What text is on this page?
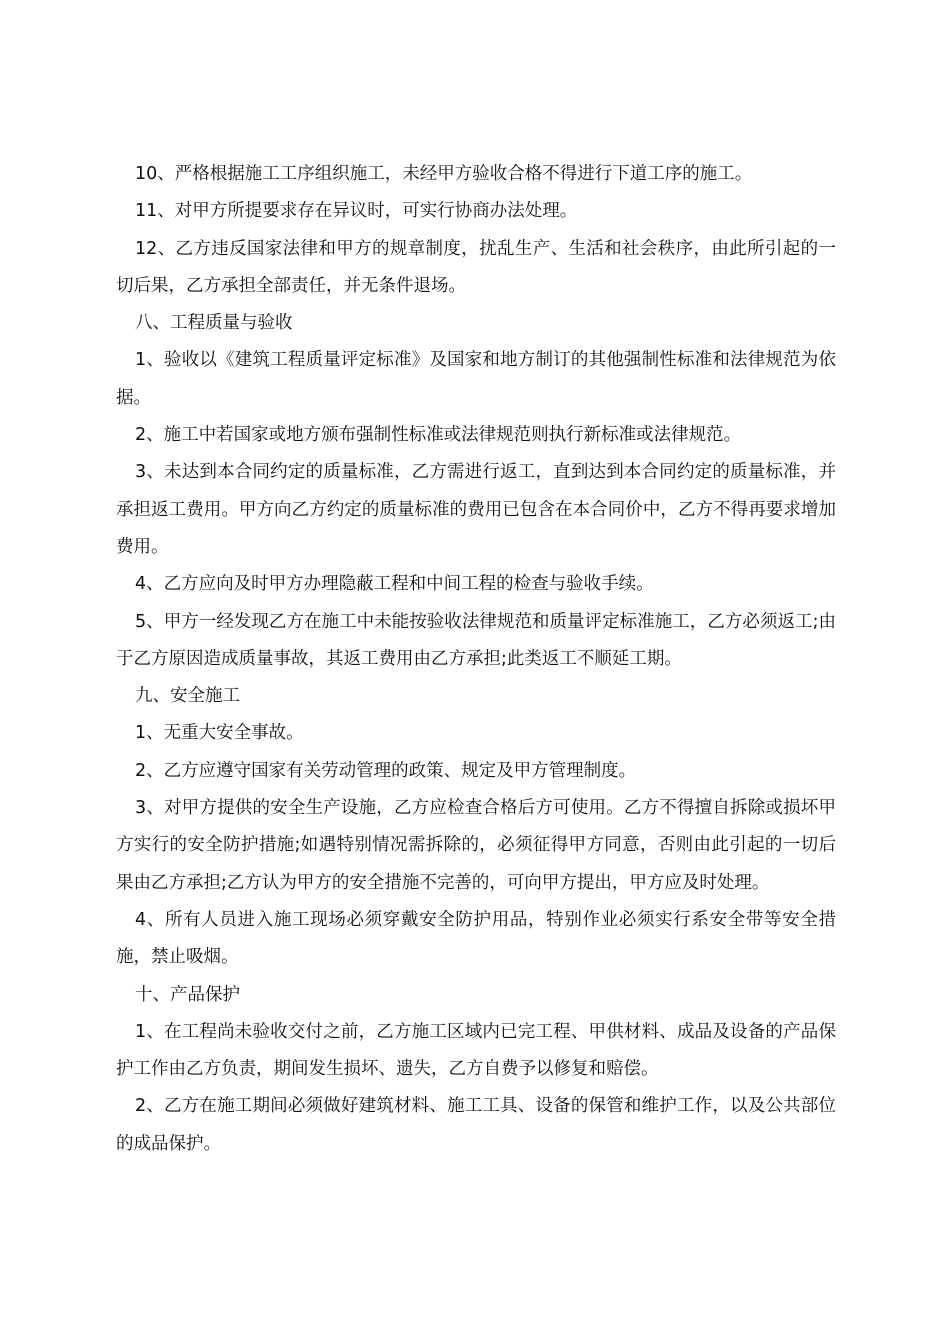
10、严格根据施工工序组织施工，未经甲方验收合格不得进行下道工序的施工。

11、对甲方所提要求存在异议时，可实行协商办法处理。

12、乙方违反国家法律和甲方的规章制度，扰乱生产、生活和社会秩序，由此所引起的一切后果，乙方承担全部责任，并无条件退场。

八、工程质量与验收

1、验收以《建筑工程质量评定标准》及国家和地方制订的其他强制性标准和法律规范为依据。

2、施工中若国家或地方颁布强制性标准或法律规范则执行新标准或法律规范。

3、未达到本合同约定的质量标准，乙方需进行返工，直到达到本合同约定的质量标准，并承担返工费用。甲方向乙方约定的质量标准的费用已包含在本合同价中，乙方不得再要求增加费用。

4、乙方应向及时甲方办理隐蔽工程和中间工程的检查与验收手续。

5、甲方一经发现乙方在施工中未能按验收法律规范和质量评定标准施工，乙方必须返工;由于乙方原因造成质量事故，其返工费用由乙方承担;此类返工不顺延工期。

九、安全施工

1、无重大安全事故。

2、乙方应遵守国家有关劳动管理的政策、规定及甲方管理制度。

3、对甲方提供的安全生产设施，乙方应检查合格后方可使用。乙方不得擅自拆除或损坏甲方实行的安全防护措施;如遇特别情况需拆除的，必须征得甲方同意，否则由此引起的一切后果由乙方承担;乙方认为甲方的安全措施不完善的，可向甲方提出，甲方应及时处理。

4、所有人员进入施工现场必须穿戴安全防护用品，特别作业必须实行系安全带等安全措施，禁止吸烟。

十、产品保护

1、在工程尚未验收交付之前，乙方施工区域内已完工程、甲供材料、成品及设备的产品保护工作由乙方负责，期间发生损坏、遗失，乙方自费予以修复和赔偿。

2、乙方在施工期间必须做好建筑材料、施工工具、设备的保管和维护工作，以及公共部位的成品保护。
